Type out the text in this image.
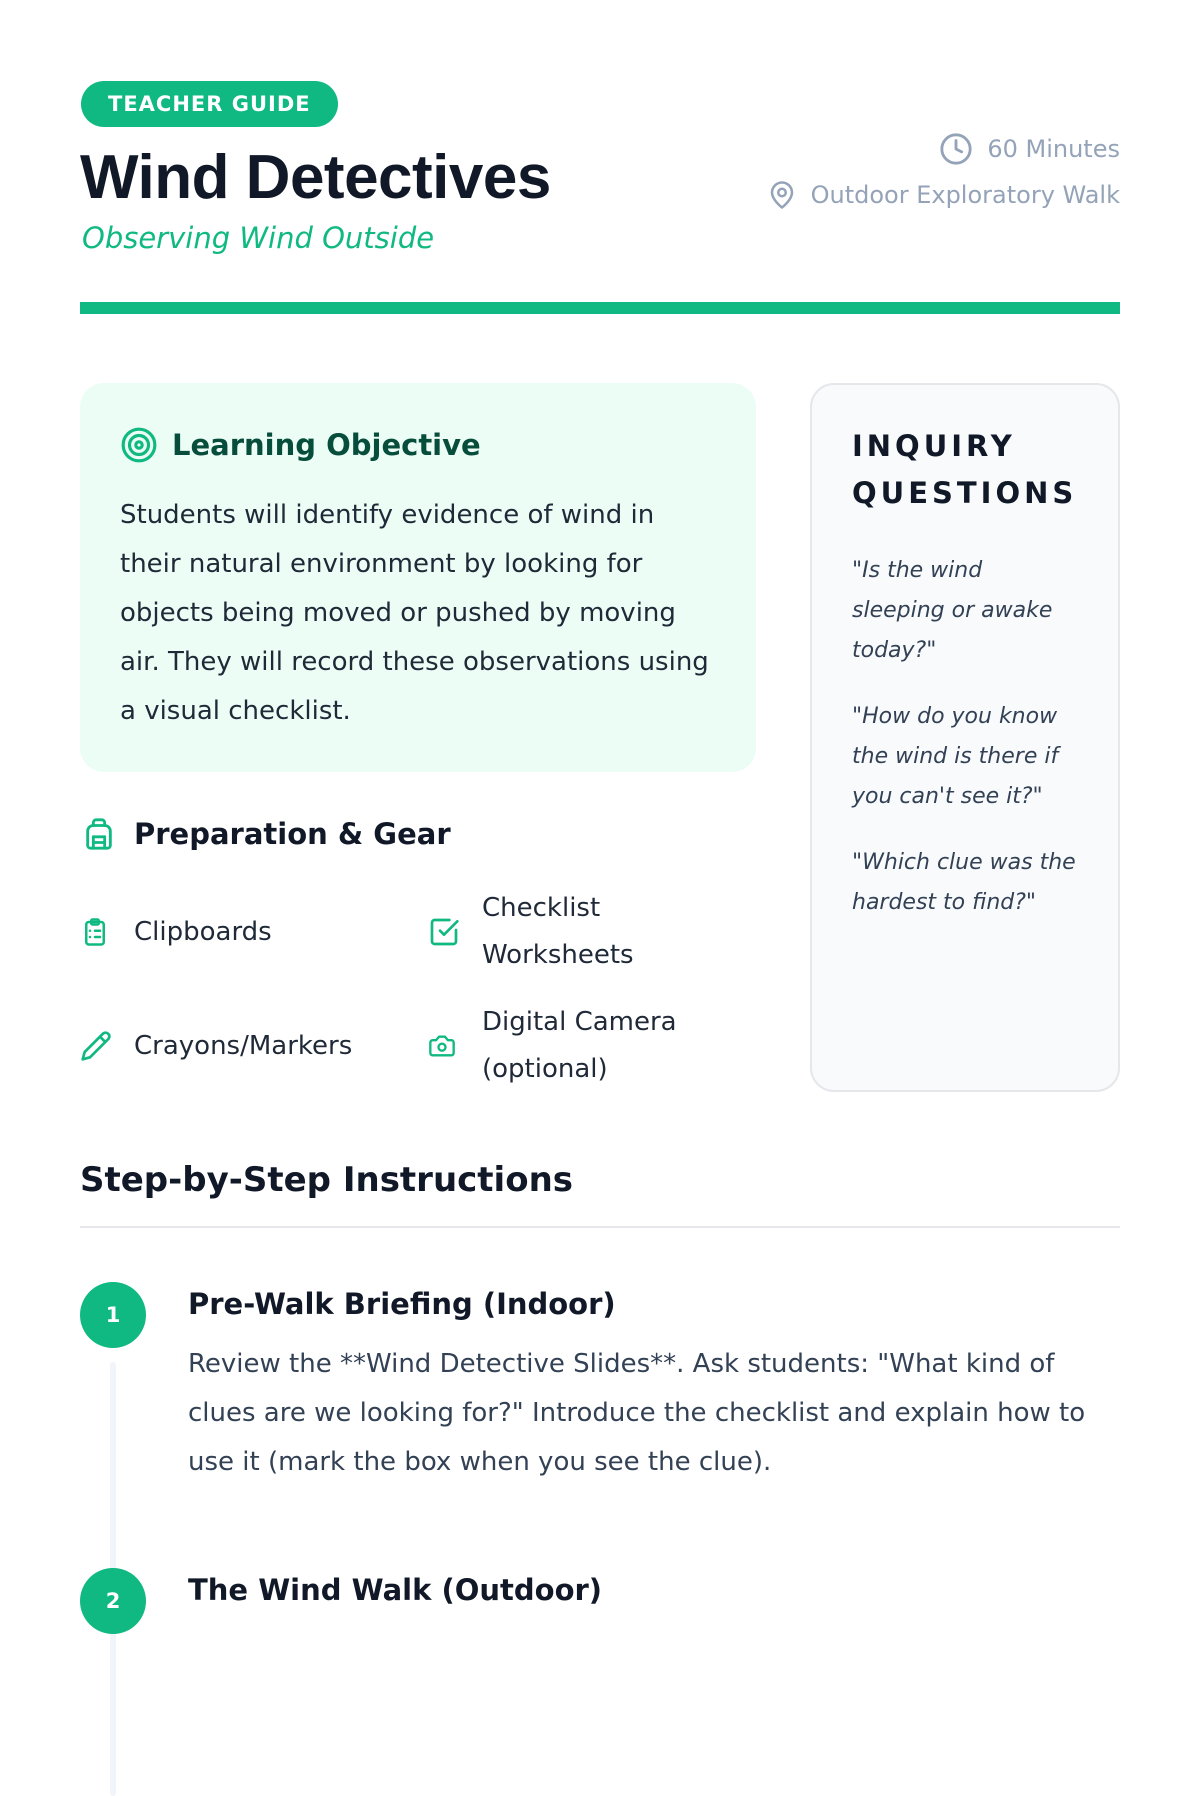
TEACHER GUIDE
Wind Detectives
Observing Wind Outside
60 Minutes
Outdoor Exploratory Walk
Learning Objective

Students will identify evidence of wind in their natural environment by looking for objects being moved or pushed by moving air. They will record these observations using a visual checklist.

INQUIRY QUESTIONS

"Is the wind sleeping or awake today?"

"How do you know the wind is there if you can't see it?"

"Which clue was the hardest to find?"

Preparation & Gear
Clipboards
Checklist Worksheets
Crayons/Markers
Digital Camera (optional)
Step-by-Step Instructions
1	Pre-Walk Briefing (Indoor)

Review the **Wind Detective Slides**. Ask students: "What kind of clues are we looking for?" Introduce the checklist and explain how to use it (mark the box when you see the clue).

2	The Wind Walk (Outdoor)
